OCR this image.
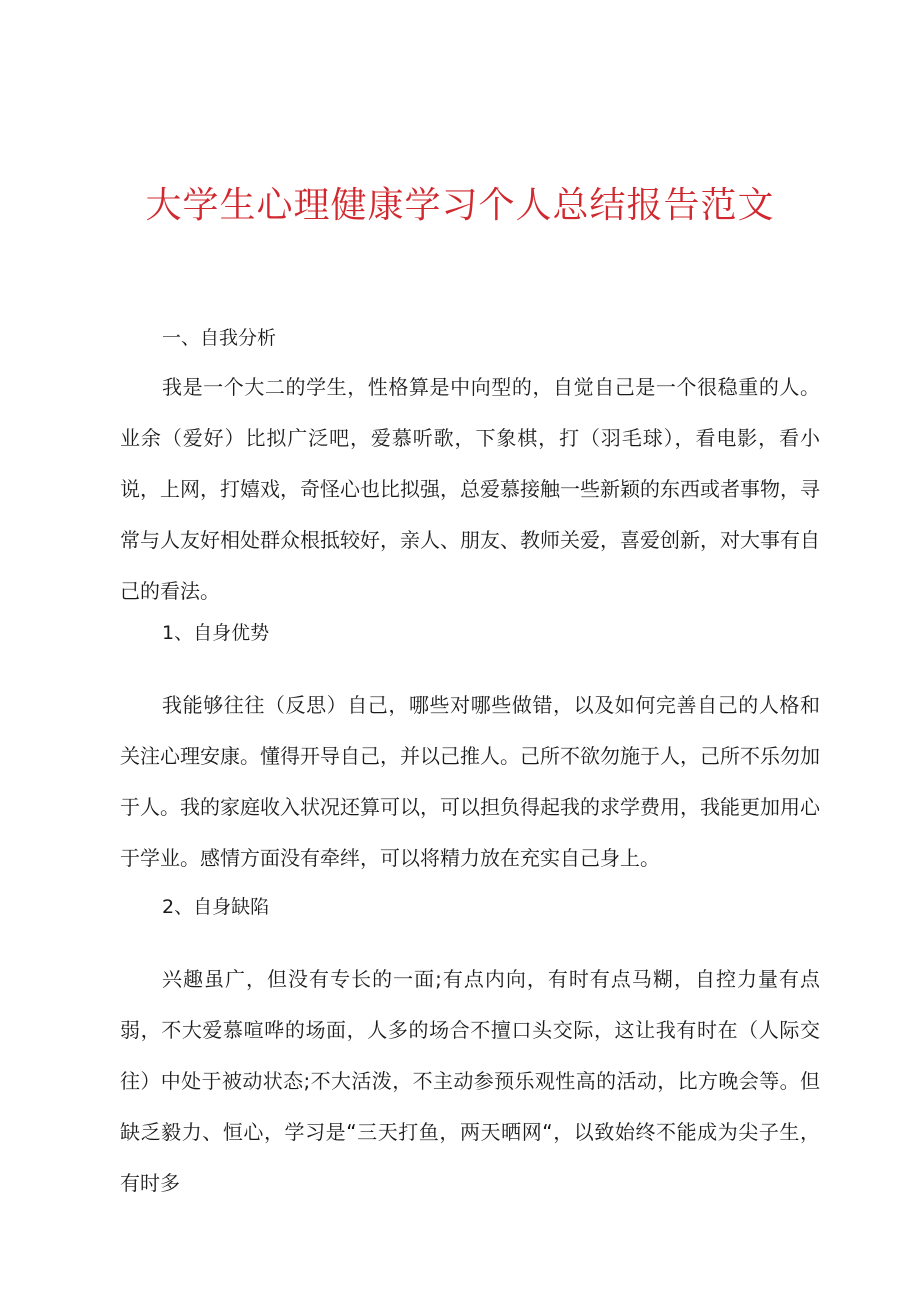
大学生心理健康学习个人总结报告范文
一、自我分析
我是一个大二的学生，性格算是中向型的，自觉自己是一个很稳重的人。业余（爱好）比拟广泛吧，爱慕听歌，下象棋，打（羽毛球），看电影，看小说，上网，打嬉戏，奇怪心也比拟强，总爱慕接触一些新颖的东西或者事物，寻常与人友好相处群众根抵较好，亲人、朋友、教师关爱，喜爱创新，对大事有自己的看法。
1、自身优势
我能够往往（反思）自己，哪些对哪些做错，以及如何完善自己的人格和关注心理安康。懂得开导自己，并以己推人。己所不欲勿施于人，己所不乐勿加于人。我的家庭收入状况还算可以，可以担负得起我的求学费用，我能更加用心于学业。感情方面没有牵绊，可以将精力放在充实自己身上。
2、自身缺陷
兴趣虽广，但没有专长的一面;有点内向，有时有点马糊，自控力量有点弱，不大爱慕喧哗的场面，人多的场合不擅口头交际，这让我有时在（人际交往）中处于被动状态;不大活泼，不主动参预乐观性高的活动，比方晚会等。但缺乏毅力、恒心，学习是“三天打鱼，两天晒网“，以致始终不能成为尖子生，有时多
